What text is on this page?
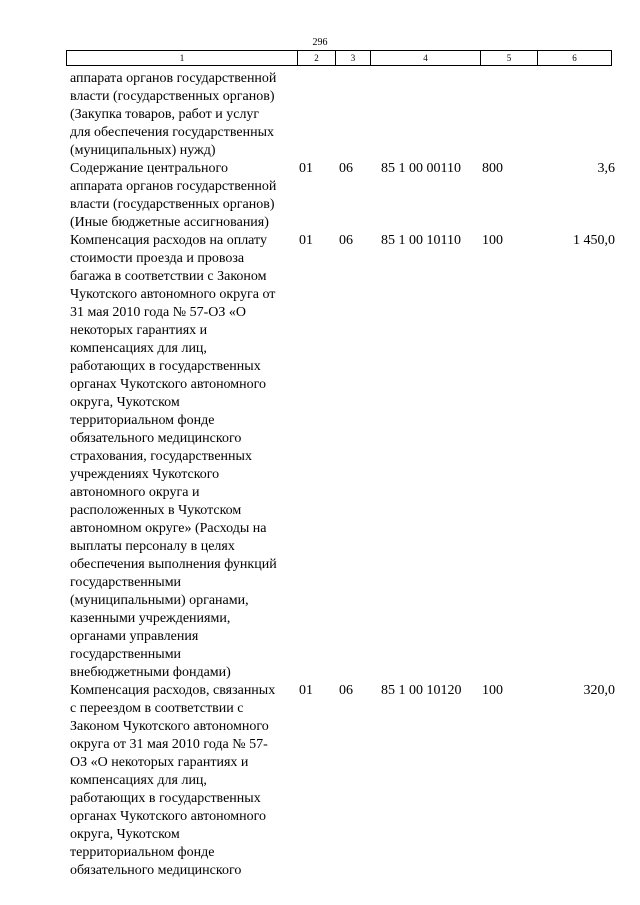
296
1	2	3	4	5	6
аппарата органов государственной
власти (государственных органов)
(Закупка товаров, работ и услуг
для обеспечения государственных
(муниципальных) нужд)
Содержание центрального
аппарата органов государственной
власти (государственных органов)
(Иные бюджетные ассигнования)
01	06	85 1 00 00110	800	3,6
Компенсация расходов на оплату
стоимости проезда и провоза
багажа в соответствии с Законом
Чукотского автономного округа от
31 мая 2010 года № 57-ОЗ «О
некоторых гарантиях и
компенсациях для лиц,
работающих в государственных
органах Чукотского автономного
округа, Чукотском
территориальном фонде
обязательного медицинского
страхования, государственных
учреждениях Чукотского
автономного округа и
расположенных в Чукотском
автономном округе» (Расходы на
выплаты персоналу в целях
обеспечения выполнения функций
государственными
(муниципальными) органами,
казенными учреждениями,
органами управления
государственными
внебюджетными фондами)
01	06	85 1 00 10110	100	1 450,0
Компенсация расходов, связанных
с переездом в соответствии с
Законом Чукотского автономного
округа от 31 мая 2010 года № 57-
ОЗ «О некоторых гарантиях и
компенсациях для лиц,
работающих в государственных
органах Чукотского автономного
округа, Чукотском
территориальном фонде
обязательного медицинского
01	06	85 1 00 10120	100	320,0
